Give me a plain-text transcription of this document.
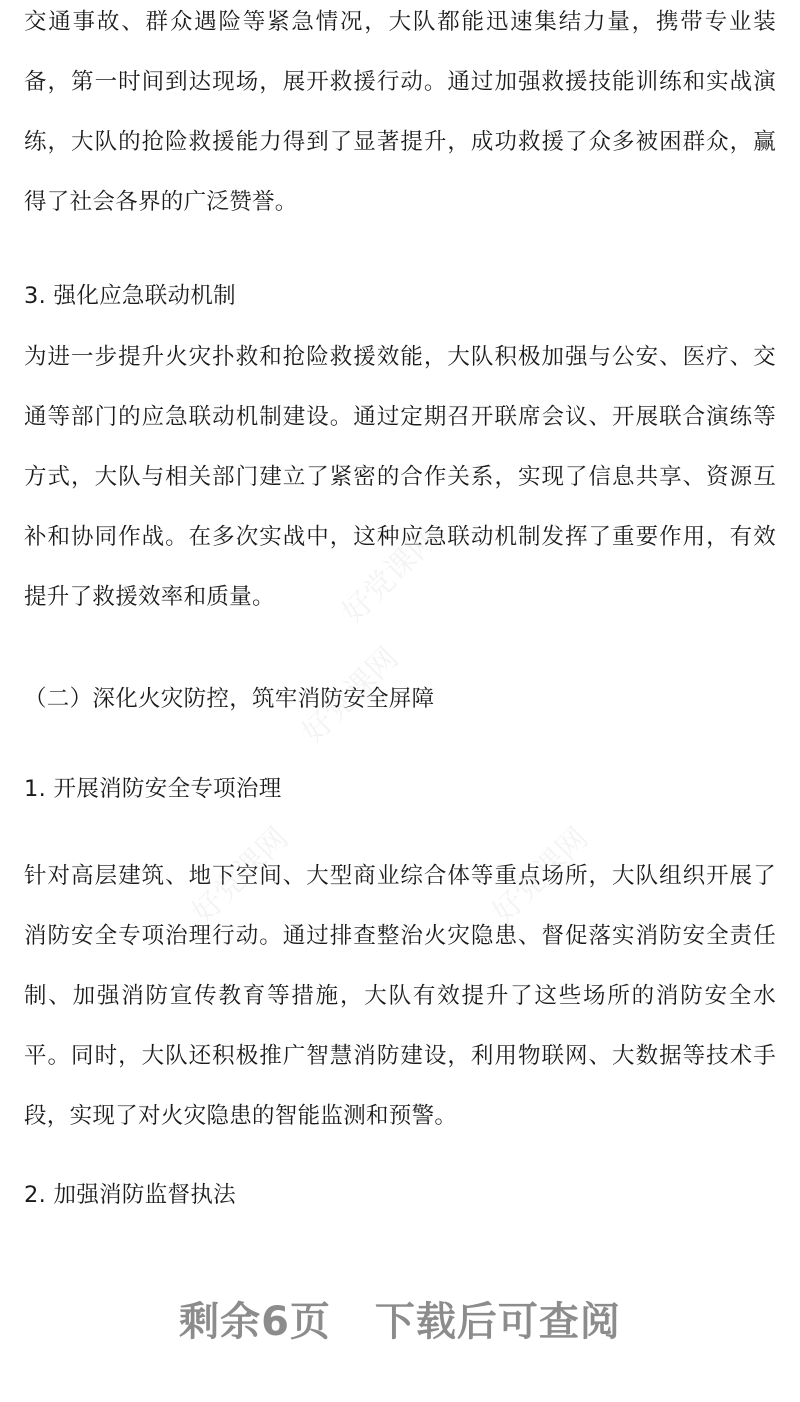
交通事故、群众遇险等紧急情况，大队都能迅速集结力量，携带专业装备，第一时间到达现场，展开救援行动。通过加强救援技能训练和实战演练，大队的抢险救援能力得到了显著提升，成功救援了众多被困群众，赢得了社会各界的广泛赞誉。

3. 强化应急联动机制

为进一步提升火灾扑救和抢险救援效能，大队积极加强与公安、医疗、交通等部门的应急联动机制建设。通过定期召开联席会议、开展联合演练等方式，大队与相关部门建立了紧密的合作关系，实现了信息共享、资源互补和协同作战。在多次实战中，这种应急联动机制发挥了重要作用，有效提升了救援效率和质量。

（二）深化火灾防控，筑牢消防安全屏障
1. 开展消防安全专项治理

针对高层建筑、地下空间、大型商业综合体等重点场所，大队组织开展了消防安全专项治理行动。通过排查整治火灾隐患、督促落实消防安全责任制、加强消防宣传教育等措施，大队有效提升了这些场所的消防安全水平。同时，大队还积极推广智慧消防建设，利用物联网、大数据等技术手段，实现了对火灾隐患的智能监测和预警。

2. 加强消防监督执法
好党课网
好党课网
好党课网	好党课网
剩余6页 下载后可查阅
